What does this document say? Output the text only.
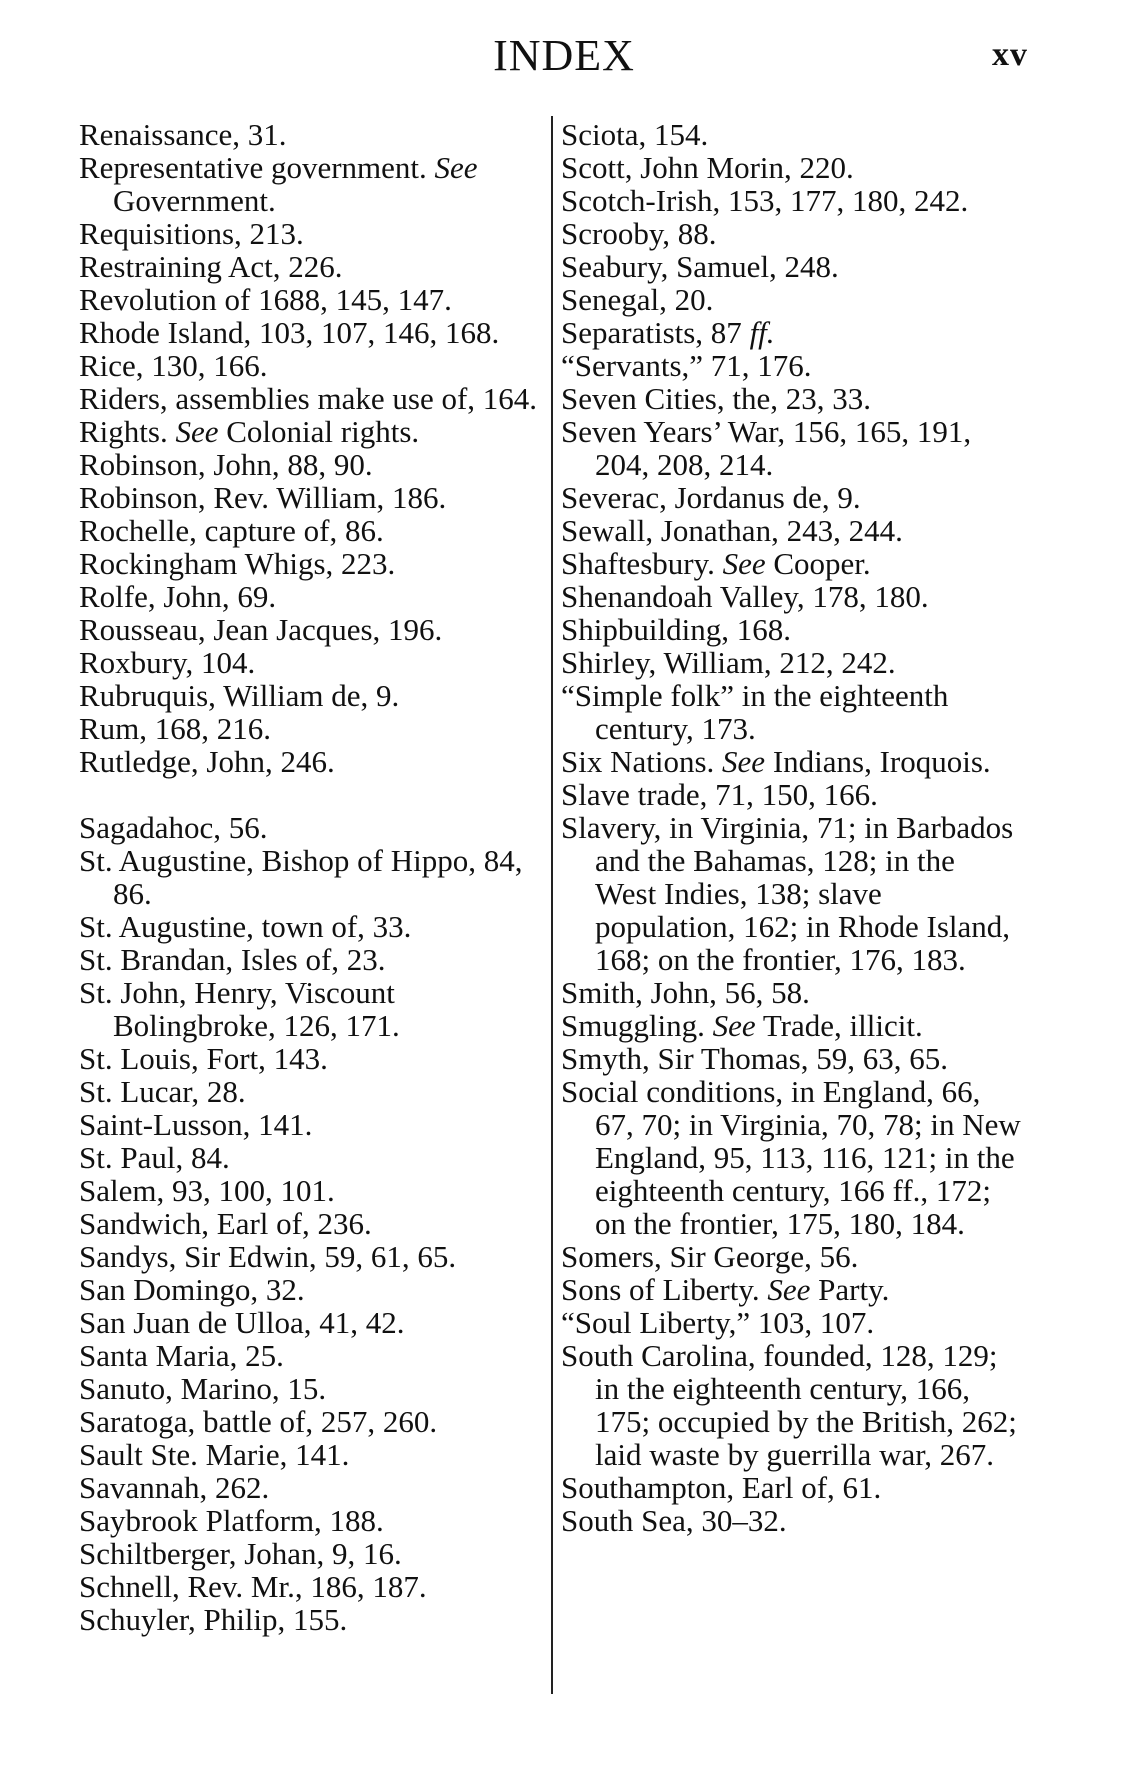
INDEX	xv
Renaissance, 31.
Representative government. See Government.
Requisitions, 213.
Restraining Act, 226.
Revolution of 1688, 145, 147.
Rhode Island, 103, 107, 146, 168.
Rice, 130, 166.
Riders, assemblies make use of, 164.
Rights. See Colonial rights.
Robinson, John, 88, 90.
Robinson, Rev. William, 186.
Rochelle, capture of, 86.
Rockingham Whigs, 223.
Rolfe, John, 69.
Rousseau, Jean Jacques, 196.
Roxbury, 104.
Rubruquis, William de, 9.
Rum, 168, 216.
Rutledge, John, 246.
Sagadahoc, 56.
St. Augustine, Bishop of Hippo, 84, 86.
St. Augustine, town of, 33.
St. Brandan, Isles of, 23.
St. John, Henry, Viscount Bolingbroke, 126, 171.
St. Louis, Fort, 143.
St. Lucar, 28.
Saint-Lusson, 141.
St. Paul, 84.
Salem, 93, 100, 101.
Sandwich, Earl of, 236.
Sandys, Sir Edwin, 59, 61, 65.
San Domingo, 32.
San Juan de Ulloa, 41, 42.
Santa Maria, 25.
Sanuto, Marino, 15.
Saratoga, battle of, 257, 260.
Sault Ste. Marie, 141.
Savannah, 262.
Saybrook Platform, 188.
Schiltberger, Johan, 9, 16.
Schnell, Rev. Mr., 186, 187.
Schuyler, Philip, 155.
Sciota, 154.
Scott, John Morin, 220.
Scotch-Irish, 153, 177, 180, 242.
Scrooby, 88.
Seabury, Samuel, 248.
Senegal, 20.
Separatists, 87 ff.
“Servants,” 71, 176.
Seven Cities, the, 23, 33.
Seven Years’ War, 156, 165, 191, 204, 208, 214.
Severac, Jordanus de, 9.
Sewall, Jonathan, 243, 244.
Shaftesbury. See Cooper.
Shenandoah Valley, 178, 180.
Shipbuilding, 168.
Shirley, William, 212, 242.
“Simple folk” in the eighteenth century, 173.
Six Nations. See Indians, Iroquois.
Slave trade, 71, 150, 166.
Slavery, in Virginia, 71; in Barbados and the Bahamas, 128; in the West Indies, 138; slave population, 162; in Rhode Island, 168; on the frontier, 176, 183.
Smith, John, 56, 58.
Smuggling. See Trade, illicit.
Smyth, Sir Thomas, 59, 63, 65.
Social conditions, in England, 66, 67, 70; in Virginia, 70, 78; in New England, 95, 113, 116, 121; in the eighteenth century, 166 ff., 172; on the frontier, 175, 180, 184.
Somers, Sir George, 56.
Sons of Liberty. See Party.
“Soul Liberty,” 103, 107.
South Carolina, founded, 128, 129; in the eighteenth century, 166, 175; occupied by the British, 262; laid waste by guerrilla war, 267.
Southampton, Earl of, 61.
South Sea, 30–32.
